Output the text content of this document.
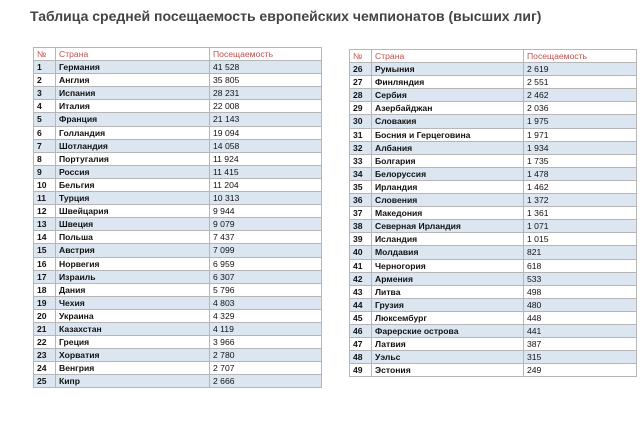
Таблица средней посещаемость европейских чемпионатов (высших лиг)
№	Страна	Посещаемость
1	Германия	41 528
2	Англия	35 805
3	Испания	28 231
4	Италия	22 008
5	Франция	21 143
6	Голландия	19 094
7	Шотландия	14 058
8	Португалия	11 924
9	Россия	11 415
10	Бельгия	11 204
11	Турция	10 313
12	Швейцария	9 944
13	Швеция	9 079
14	Польша	7 437
15	Австрия	7 099
16	Норвегия	6 959
17	Израиль	6 307
18	Дания	5 796
19	Чехия	4 803
20	Украина	4 329
21	Казахстан	4 119
22	Греция	3 966
23	Хорватия	2 780
24	Венгрия	2 707
25	Кипр	2 666
№	Страна	Посещаемость
26	Румыния	2 619
27	Финляндия	2 551
28	Сербия	2 462
29	Азербайджан	2 036
30	Словакия	1 975
31	Босния и Герцеговина	1 971
32	Албания	1 934
33	Болгария	1 735
34	Белоруссия	1 478
35	Ирландия	1 462
36	Словения	1 372
37	Македония	1 361
38	Северная Ирландия	1 071
39	Исландия	1 015
40	Молдавия	821
41	Черногория	618
42	Армения	533
43	Литва	498
44	Грузия	480
45	Люксембург	448
46	Фарерские острова	441
47	Латвия	387
48	Уэльс	315
49	Эстония	249
